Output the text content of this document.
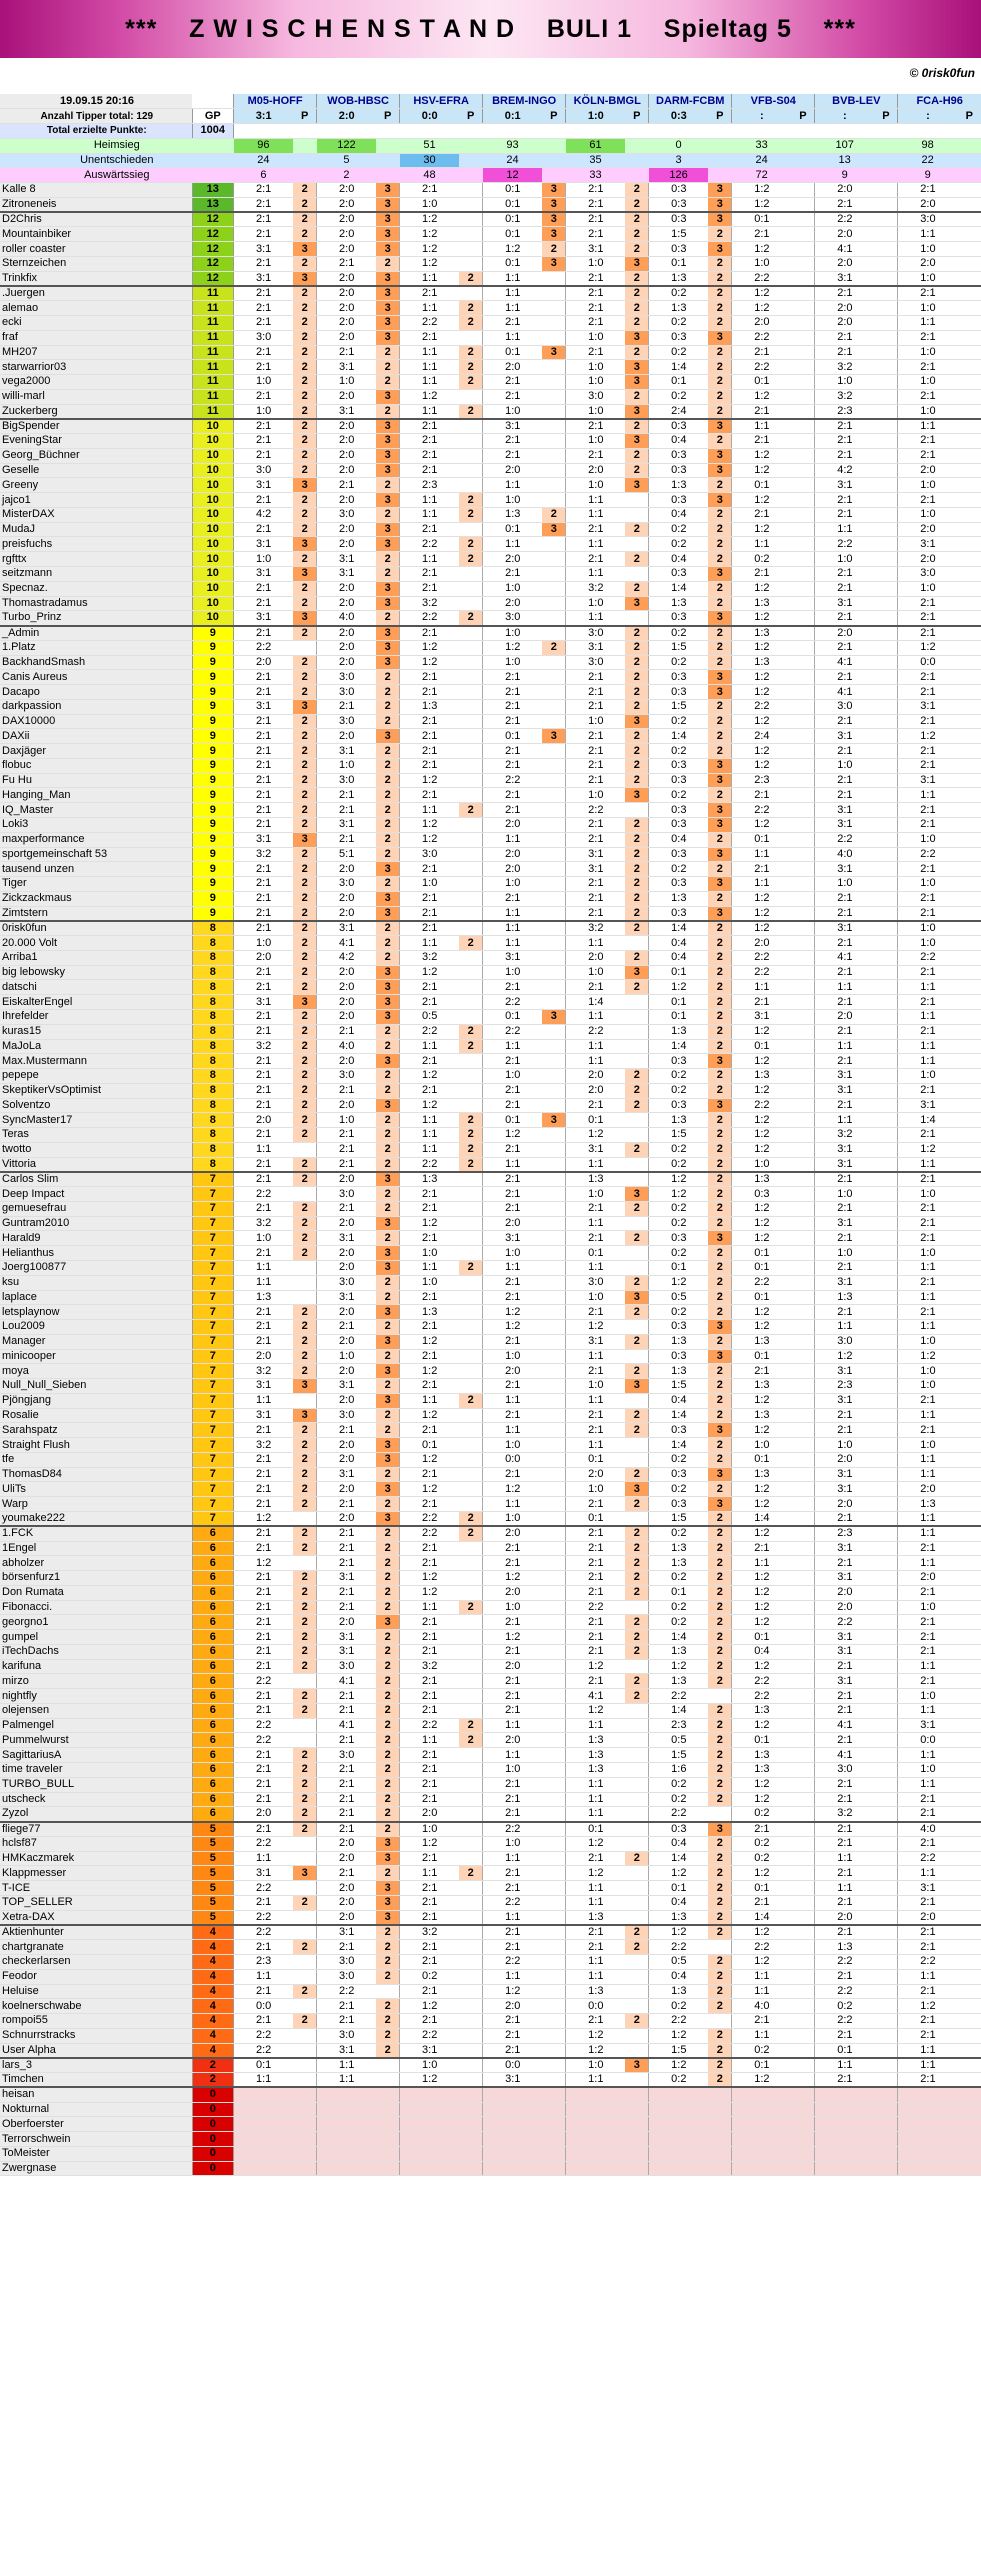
***    Z W I S C H E N S T A N D    BULI 1    Spieltag 5    ***
© 0risk0fun
19.09.15 20:16		M05-HOFF		WOB-HBSC		HSV-EFRA		BREM-INGO		KÖLN-BMGL		DARM-FCBM		VFB-S04		BVB-LEV		FCA-H96	
Anzahl Tipper total: 129	GP	3:1	P	2:0	P	0:0	P	0:1	P	1:0	P	0:3	P	:	P	:	P	:	P
Total erzielte Punkte:	1004																		
Heimsieg		96		122		51		93		61		0		33		107		98	
Unentschieden		24		5		30		24		35		3		24		13		22	
Auswärtssieg		6		2		48		12		33		126		72		9		9	
Kalle 8	13	2:1	2	2:0	3	2:1		0:1	3	2:1	2	0:3	3	1:2		2:0		2:1	
Zitroneneis	13	2:1	2	2:0	3	1:0		0:1	3	2:1	2	0:3	3	1:2		2:1		2:0	
D2Chris	12	2:1	2	2:0	3	1:2		0:1	3	2:1	2	0:3	3	0:1		2:2		3:0	
Mountainbiker	12	2:1	2	2:0	3	1:2		0:1	3	2:1	2	1:5	2	2:1		2:0		1:1	
roller coaster	12	3:1	3	2:0	3	1:2		1:2	2	3:1	2	0:3	3	1:2		4:1		1:0	
Sternzeichen	12	2:1	2	2:1	2	1:2		0:1	3	1:0	3	0:1	2	1:0		2:0		2:0	
Trinkfix	12	3:1	3	2:0	3	1:1	2	1:1		2:1	2	1:3	2	2:2		3:1		1:0	
.Juergen	11	2:1	2	2:0	3	2:1		1:1		2:1	2	0:2	2	1:2		2:1		2:1	
alemao	11	2:1	2	2:0	3	1:1	2	1:1		2:1	2	1:3	2	1:2		2:0		1:0	
ecki	11	2:1	2	2:0	3	2:2	2	2:1		2:1	2	0:2	2	2:0		2:0		1:1	
fraf	11	3:0	2	2:0	3	2:1		1:1		1:0	3	0:3	3	2:2		2:1		2:1	
MH207	11	2:1	2	2:1	2	1:1	2	0:1	3	2:1	2	0:2	2	2:1		2:1		1:0	
starwarrior03	11	2:1	2	3:1	2	1:1	2	2:0		1:0	3	1:4	2	2:2		3:2		2:1	
vega2000	11	1:0	2	1:0	2	1:1	2	2:1		1:0	3	0:1	2	0:1		1:0		1:0	
willi-marl	11	2:1	2	2:0	3	1:2		2:1		3:0	2	0:2	2	1:2		3:2		2:1	
Zuckerberg	11	1:0	2	3:1	2	1:1	2	1:0		1:0	3	2:4	2	2:1		2:3		1:0	
BigSpender	10	2:1	2	2:0	3	2:1		3:1		2:1	2	0:3	3	1:1		2:1		1:1	
EveningStar	10	2:1	2	2:0	3	2:1		2:1		1:0	3	0:4	2	2:1		2:1		2:1	
Georg_Büchner	10	2:1	2	2:0	3	2:1		2:1		2:1	2	0:3	3	1:2		2:1		2:1	
Geselle	10	3:0	2	2:0	3	2:1		2:0		2:0	2	0:3	3	1:2		4:2		2:0	
Greeny	10	3:1	3	2:1	2	2:3		1:1		1:0	3	1:3	2	0:1		3:1		1:0	
jajco1	10	2:1	2	2:0	3	1:1	2	1:0		1:1		0:3	3	1:2		2:1		2:1	
MisterDAX	10	4:2	2	3:0	2	1:1	2	1:3	2	1:1		0:4	2	2:1		2:1		1:0	
MudaJ	10	2:1	2	2:0	3	2:1		0:1	3	2:1	2	0:2	2	1:2		1:1		2:0	
preisfuchs	10	3:1	3	2:0	3	2:2	2	1:1		1:1		0:2	2	1:1		2:2		3:1	
rgfttx	10	1:0	2	3:1	2	1:1	2	2:0		2:1	2	0:4	2	0:2		1:0		2:0	
seitzmann	10	3:1	3	3:1	2	2:1		2:1		1:1		0:3	3	2:1		2:1		3:0	
Specnaz.	10	2:1	2	2:0	3	2:1		1:0		3:2	2	1:4	2	1:2		2:1		1:0	
Thomastradamus	10	2:1	2	2:0	3	3:2		2:0		1:0	3	1:3	2	1:3		3:1		2:1	
Turbo_Prinz	10	3:1	3	4:0	2	2:2	2	3:0		1:1		0:3	3	1:2		2:1		2:1	
_Admin	9	2:1	2	2:0	3	2:1		1:0		3:0	2	0:2	2	1:3		2:0		2:1	
1.Platz	9	2:2		2:0	3	1:2		1:2	2	3:1	2	1:5	2	1:2		2:1		1:2	
BackhandSmash	9	2:0	2	2:0	3	1:2		1:0		3:0	2	0:2	2	1:3		4:1		0:0	
Canis Aureus	9	2:1	2	3:0	2	2:1		2:1		2:1	2	0:3	3	1:2		2:1		2:1	
Dacapo	9	2:1	2	3:0	2	2:1		2:1		2:1	2	0:3	3	1:2		4:1		2:1	
darkpassion	9	3:1	3	2:1	2	1:3		2:1		2:1	2	1:5	2	2:2		3:0		3:1	
DAX10000	9	2:1	2	3:0	2	2:1		2:1		1:0	3	0:2	2	1:2		2:1		2:1	
DAXii	9	2:1	2	2:0	3	2:1		0:1	3	2:1	2	1:4	2	2:4		3:1		1:2	
Daxjäger	9	2:1	2	3:1	2	2:1		2:1		2:1	2	0:2	2	1:2		2:1		2:1	
flobuc	9	2:1	2	1:0	2	2:1		2:1		2:1	2	0:3	3	1:2		1:0		2:1	
Fu Hu	9	2:1	2	3:0	2	1:2		2:2		2:1	2	0:3	3	2:3		2:1		3:1	
Hanging_Man	9	2:1	2	2:1	2	2:1		2:1		1:0	3	0:2	2	2:1		2:1		1:1	
IQ_Master	9	2:1	2	2:1	2	1:1	2	2:1		2:2		0:3	3	2:2		3:1		2:1	
Loki3	9	2:1	2	3:1	2	1:2		2:0		2:1	2	0:3	3	1:2		3:1		2:1	
maxperformance	9	3:1	3	2:1	2	1:2		1:1		2:1	2	0:4	2	0:1		2:2		1:0	
sportgemeinschaft 53	9	3:2	2	5:1	2	3:0		2:0		3:1	2	0:3	3	1:1		4:0		2:2	
tausend unzen	9	2:1	2	2:0	3	2:1		2:0		3:1	2	0:2	2	2:1		3:1		2:1	
Tiger	9	2:1	2	3:0	2	1:0		1:0		2:1	2	0:3	3	1:1		1:0		1:0	
Zickzackmaus	9	2:1	2	2:0	3	2:1		2:1		2:1	2	1:3	2	1:2		2:1		2:1	
Zimtstern	9	2:1	2	2:0	3	2:1		1:1		2:1	2	0:3	3	1:2		2:1		2:1	
0risk0fun	8	2:1	2	3:1	2	2:1		1:1		3:2	2	1:4	2	1:2		3:1		1:0	
20.000 Volt	8	1:0	2	4:1	2	1:1	2	1:1		1:1		0:4	2	2:0		2:1		1:0	
Arriba1	8	2:0	2	4:2	2	3:2		3:1		2:0	2	0:4	2	2:2		4:1		2:2	
big lebowsky	8	2:1	2	2:0	3	1:2		1:0		1:0	3	0:1	2	2:2		2:1		2:1	
datschi	8	2:1	2	2:0	3	2:1		2:1		2:1	2	1:2	2	1:1		1:1		1:1	
EiskalterEngel	8	3:1	3	2:0	3	2:1		2:2		1:4		0:1	2	2:1		2:1		2:1	
Ihrefelder	8	2:1	2	2:0	3	0:5		0:1	3	1:1		0:1	2	3:1		2:0		1:1	
kuras15	8	2:1	2	2:1	2	2:2	2	2:2		2:2		1:3	2	1:2		2:1		2:1	
MaJoLa	8	3:2	2	4:0	2	1:1	2	1:1		1:1		1:4	2	0:1		1:1		1:1	
Max.Mustermann	8	2:1	2	2:0	3	2:1		2:1		1:1		0:3	3	1:2		2:1		1:1	
pepepe	8	2:1	2	3:0	2	1:2		1:0		2:0	2	0:2	2	1:3		3:1		1:0	
SkeptikerVsOptimist	8	2:1	2	2:1	2	2:1		2:1		2:0	2	0:2	2	1:2		3:1		2:1	
Solventzo	8	2:1	2	2:0	3	1:2		2:1		2:1	2	0:3	3	2:2		2:1		3:1	
SyncMaster17	8	2:0	2	1:0	2	1:1	2	0:1	3	0:1		1:3	2	1:2		1:1		1:4	
Teras	8	2:1	2	2:1	2	1:1	2	1:2		1:2		1:5	2	1:2		3:2		2:1	
twotto	8	1:1		2:1	2	1:1	2	2:1		3:1	2	0:2	2	1:2		3:1		1:2	
Vittoria	8	2:1	2	2:1	2	2:2	2	1:1		1:1		0:2	2	1:0		3:1		1:1	
Carlos Slim	7	2:1	2	2:0	3	1:3		2:1		1:3		1:2	2	1:3		2:1		2:1	
Deep Impact	7	2:2		3:0	2	2:1		2:1		1:0	3	1:2	2	0:3		1:0		1:0	
gemuesefrau	7	2:1	2	2:1	2	2:1		2:1		2:1	2	0:2	2	1:2		2:1		2:1	
Guntram2010	7	3:2	2	2:0	3	1:2		2:0		1:1		0:2	2	1:2		3:1		2:1	
Harald9	7	1:0	2	3:1	2	2:1		3:1		2:1	2	0:3	3	1:2		2:1		2:1	
Helianthus	7	2:1	2	2:0	3	1:0		1:0		0:1		0:2	2	0:1		1:0		1:0	
Joerg100877	7	1:1		2:0	3	1:1	2	1:1		1:1		0:1	2	0:1		2:1		1:1	
ksu	7	1:1		3:0	2	1:0		2:1		3:0	2	1:2	2	2:2		3:1		2:1	
laplace	7	1:3		3:1	2	2:1		2:1		1:0	3	0:5	2	0:1		1:3		1:1	
letsplaynow	7	2:1	2	2:0	3	1:3		1:2		2:1	2	0:2	2	1:2		2:1		2:1	
Lou2009	7	2:1	2	2:1	2	2:1		1:2		1:2		0:3	3	1:2		1:1		1:1	
Manager	7	2:1	2	2:0	3	1:2		2:1		3:1	2	1:3	2	1:3		3:0		1:0	
minicooper	7	2:0	2	1:0	2	2:1		1:0		1:1		0:3	3	0:1		1:2		1:2	
moya	7	3:2	2	2:0	3	1:2		2:0		2:1	2	1:3	2	2:1		3:1		1:0	
Null_Null_Sieben	7	3:1	3	3:1	2	2:1		2:1		1:0	3	1:5	2	1:3		2:3		1:0	
Pjöngjang	7	1:1		2:0	3	1:1	2	1:1		1:1		0:4	2	1:2		3:1		2:1	
Rosalie	7	3:1	3	3:0	2	1:2		2:1		2:1	2	1:4	2	1:3		2:1		1:1	
Sarahspatz	7	2:1	2	2:1	2	2:1		1:1		2:1	2	0:3	3	1:2		2:1		2:1	
Straight Flush	7	3:2	2	2:0	3	0:1		1:0		1:1		1:4	2	1:0		1:0		1:0	
tfe	7	2:1	2	2:0	3	1:2		0:0		0:1		0:2	2	0:1		2:0		1:1	
ThomasD84	7	2:1	2	3:1	2	2:1		2:1		2:0	2	0:3	3	1:3		3:1		1:1	
UliTs	7	2:1	2	2:0	3	1:2		1:2		1:0	3	0:2	2	1:2		3:1		2:0	
Warp	7	2:1	2	2:1	2	2:1		1:1		2:1	2	0:3	3	1:2		2:0		1:3	
youmake222	7	1:2		2:0	3	2:2	2	1:0		0:1		1:5	2	1:4		2:1		1:1	
1.FCK	6	2:1	2	2:1	2	2:2	2	2:0		2:1	2	0:2	2	1:2		2:3		1:1	
1Engel	6	2:1	2	2:1	2	2:1		2:1		2:1	2	1:3	2	2:1		3:1		2:1	
abholzer	6	1:2		2:1	2	2:1		2:1		2:1	2	1:3	2	1:1		2:1		1:1	
börsenfurz1	6	2:1	2	3:1	2	1:2		1:2		2:1	2	0:2	2	1:2		3:1		2:0	
Don Rumata	6	2:1	2	2:1	2	1:2		2:0		2:1	2	0:1	2	1:2		2:0		2:1	
Fibonacci.	6	2:1	2	2:1	2	1:1	2	1:0		2:2		0:2	2	1:2		2:0		1:0	
georgno1	6	2:1	2	2:0	3	2:1		2:1		2:1	2	0:2	2	1:2		2:2		2:1	
gumpel	6	2:1	2	3:1	2	2:1		1:2		2:1	2	1:4	2	0:1		3:1		2:1	
iTechDachs	6	2:1	2	3:1	2	2:1		2:1		2:1	2	1:3	2	0:4		3:1		2:1	
karifuna	6	2:1	2	3:0	2	3:2		2:0		1:2		1:2	2	1:2		2:1		1:1	
mirzo	6	2:2		4:1	2	2:1		2:1		2:1	2	1:3	2	2:2		3:1		2:1	
nightfly	6	2:1	2	2:1	2	2:1		2:1		4:1	2	2:2		2:2		2:1		1:0	
olejensen	6	2:1	2	2:1	2	2:1		2:1		1:2		1:4	2	1:3		2:1		1:1	
Palmengel	6	2:2		4:1	2	2:2	2	1:1		1:1		2:3	2	1:2		4:1		3:1	
Pummelwurst	6	2:2		2:1	2	1:1	2	2:0		1:3		0:5	2	0:1		2:1		0:0	
SagittariusA	6	2:1	2	3:0	2	2:1		1:1		1:3		1:5	2	1:3		4:1		1:1	
time traveler	6	2:1	2	2:1	2	2:1		1:0		1:3		1:6	2	1:3		3:0		1:0	
TURBO_BULL	6	2:1	2	2:1	2	2:1		2:1		1:1		0:2	2	1:2		2:1		1:1	
utscheck	6	2:1	2	2:1	2	2:1		2:1		1:1		0:2	2	1:2		2:1		2:1	
Zyzol	6	2:0	2	2:1	2	2:0		2:1		1:1		2:2		0:2		3:2		2:1	
fliege77	5	2:1	2	2:1	2	1:0		2:2		0:1		0:3	3	2:1		2:1		4:0	
hclsf87	5	2:2		2:0	3	1:2		1:0		1:2		0:4	2	0:2		2:1		2:1	
HMKaczmarek	5	1:1		2:0	3	2:1		1:1		2:1	2	1:4	2	0:2		1:1		2:2	
Klappmesser	5	3:1	3	2:1	2	1:1	2	2:1		1:2		1:2	2	1:2		2:1		1:1	
T-ICE	5	2:2		2:0	3	2:1		2:1		1:1		0:1	2	0:1		1:1		3:1	
TOP_SELLER	5	2:1	2	2:0	3	2:1		2:2		1:1		0:4	2	2:1		2:1		2:1	
Xetra-DAX	5	2:2		2:0	3	2:1		1:1		1:3		1:3	2	1:4		2:0		2:0	
Aktienhunter	4	2:2		3:1	2	3:2		2:1		2:1	2	1:2	2	1:2		2:1		2:1	
chartgranate	4	2:1	2	2:1	2	2:1		2:1		2:1	2	2:2		2:2		1:3		2:1	
checkerlarsen	4	2:3		3:0	2	2:1		2:2		1:1		0:5	2	1:2		2:2		2:2	
Feodor	4	1:1		3:0	2	0:2		1:1		1:1		0:4	2	1:1		2:1		1:1	
Heluise	4	2:1	2	2:2		2:1		1:2		1:3		1:3	2	1:1		2:2		2:1	
koelnerschwabe	4	0:0		2:1	2	1:2		2:0		0:0		0:2	2	4:0		0:2		1:2	
rompoi55	4	2:1	2	2:1	2	2:1		2:1		2:1	2	2:2		2:1		2:2		2:1	
Schnurrstracks	4	2:2		3:0	2	2:2		2:1		1:2		1:2	2	1:1		2:1		2:1	
User Alpha	4	2:2		3:1	2	3:1		2:1		1:2		1:5	2	0:2		0:1		1:1	
lars_3	2	0:1		1:1		1:0		0:0		1:0	3	1:2	2	0:1		1:1		1:1	
Timchen	2	1:1		1:1		1:2		3:1		1:1		0:2	2	1:2		2:1		2:1	
heisan	0																		
Nokturnal	0																		
Oberfoerster	0																		
Terrorschwein	0																		
ToMeister	0																		
Zwergnase	0																		
